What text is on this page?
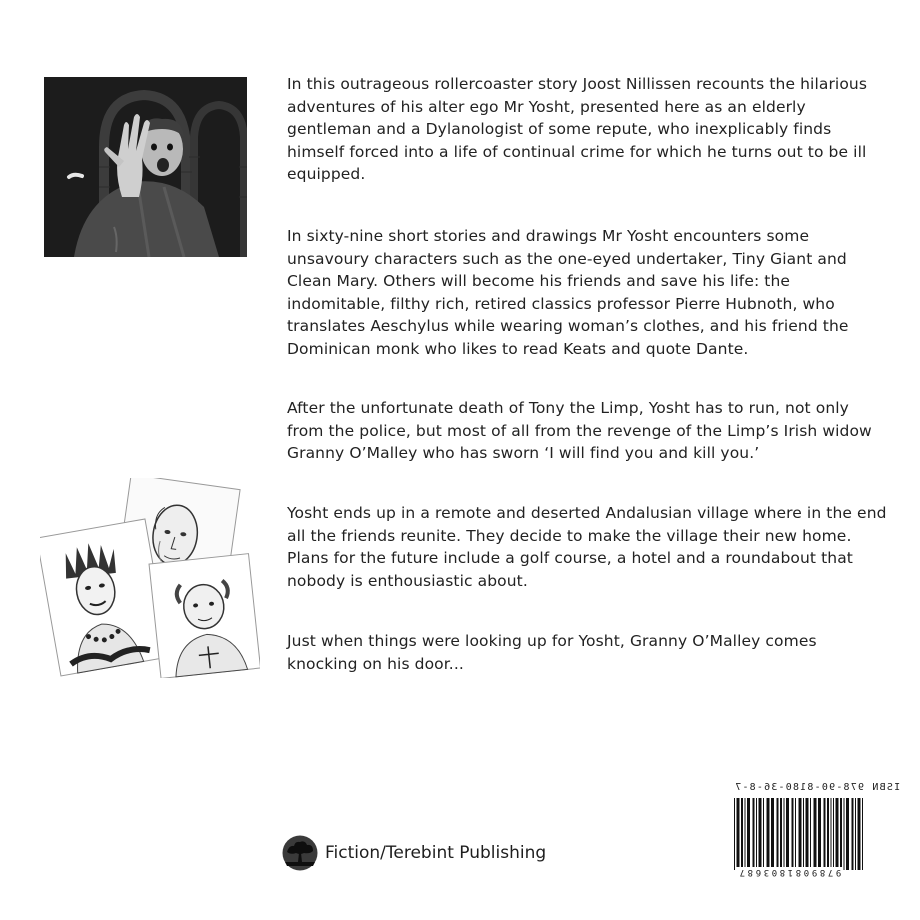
In this outrageous rollercoaster story Joost Nillissen recounts the hilarious adventures of his alter ego Mr Yosht, presented here as an elderly gentleman and a Dylanologist of some repute, who inexplicably finds himself forced into a life of continual crime for which he turns out to be ill equipped.

In sixty-nine short stories and drawings Mr Yosht encounters some unsavoury characters such as the one-eyed undertaker, Tiny Giant and Clean Mary. Others will become his friends and save his life: the indomitable, filthy rich, retired classics professor Pierre Hubnoth, who translates Aeschylus while wearing woman’s clothes, and his friend the Dominican monk who likes to read Keats and quote Dante.

After the unfortunate death of Tony the Limp, Yosht has to run, not only from the police, but most of all from the revenge of the Limp’s Irish widow Granny O’Malley who has sworn ‘I will find you and kill you.’

Yosht ends up in a remote and deserted Andalusian village where in the end all the friends reunite. They decide to make the village their new home. Plans for the future include a golf course, a hotel and a roundabout that nobody is enthousiastic about.

Just when things were looking up for Yosht, Granny O’Malley comes knocking on his door...

Fiction/Terebint Publishing
ISBN 978-90-8180-36-8-7
9789081803687
